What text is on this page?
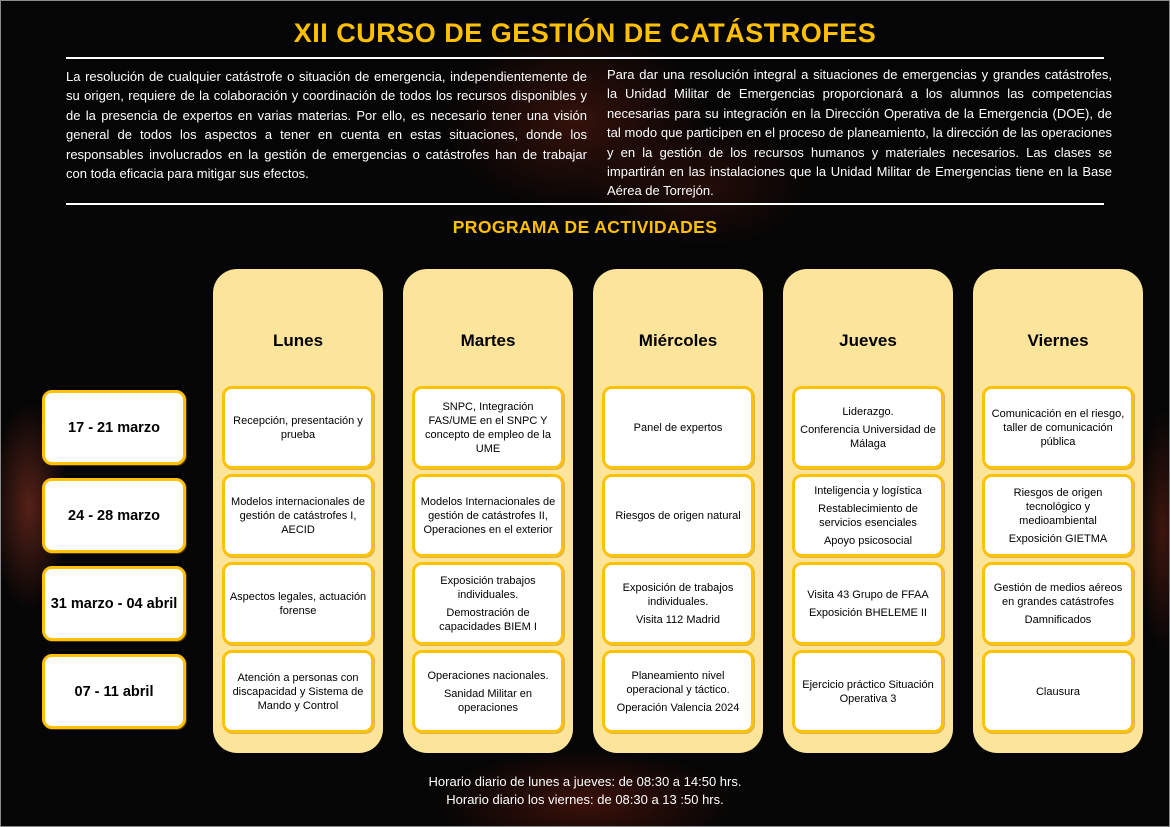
XII CURSO DE GESTIÓN DE CATÁSTROFES

La resolución de cualquier catástrofe o situación de emergencia, independientemente de su origen, requiere de la colaboración y coordinación de todos los recursos disponibles y de la presencia de expertos en varias materias. Por ello, es necesario tener una visión general de todos los aspectos a tener en cuenta en estas situaciones, donde los responsables involucrados en la gestión de emergencias o catástrofes han de trabajar con toda eficacia para mitigar sus efectos.

Para dar una resolución integral a situaciones de emergencias y grandes catástrofes, la Unidad Militar de Emergencias proporcionará a los alumnos las competencias necesarias para su integración en la Dirección Operativa de la Emergencia (DOE), de tal modo que participen en el proceso de planeamiento, la dirección de las operaciones y en la gestión de los recursos humanos y materiales necesarios. Las clases se impartirán en las instalaciones que la Unidad Militar de Emergencias tiene en la Base Aérea de Torrejón.

PROGRAMA DE ACTIVIDADES
Lunes
Recepción, presentación y prueba
Modelos internacionales de gestión de catástrofes I, AECID
Aspectos legales, actuación forense
Atención a personas con discapacidad y Sistema de Mando y Control
Martes
SNPC, Integración FAS/UME en el SNPC Y concepto de empleo de la UME
Modelos Internacionales de gestión de catástrofes II, Operaciones en el exterior
Exposición trabajos individuales.
Demostración de capacidades BIEM I
Operaciones nacionales.
Sanidad Militar en operaciones
Miércoles
Panel de expertos
Riesgos de origen natural
Exposición de trabajos individuales.
Visita 112 Madrid
Planeamiento nivel operacional y táctico.
Operación Valencia 2024
Jueves
Liderazgo.
Conferencia Universidad de Málaga
Inteligencia y logística
Restablecimiento de servicios esenciales
Apoyo psicosocial
Visita 43 Grupo de FFAA
Exposición BHELEME II
Ejercicio práctico Situación Operativa 3
Viernes
Comunicación en el riesgo, taller de comunicación pública
Riesgos de origen tecnológico y medioambiental
Exposición GIETMA
Gestión de medios aéreos en grandes catástrofes
Damnificados
Clausura
17 - 21 marzo
24 - 28 marzo
31 marzo - 04 abril
07 - 11 abril
Horario diario de lunes a jueves: de 08:30 a 14:50 hrs.
Horario diario los viernes: de 08:30 a 13 :50 hrs.
